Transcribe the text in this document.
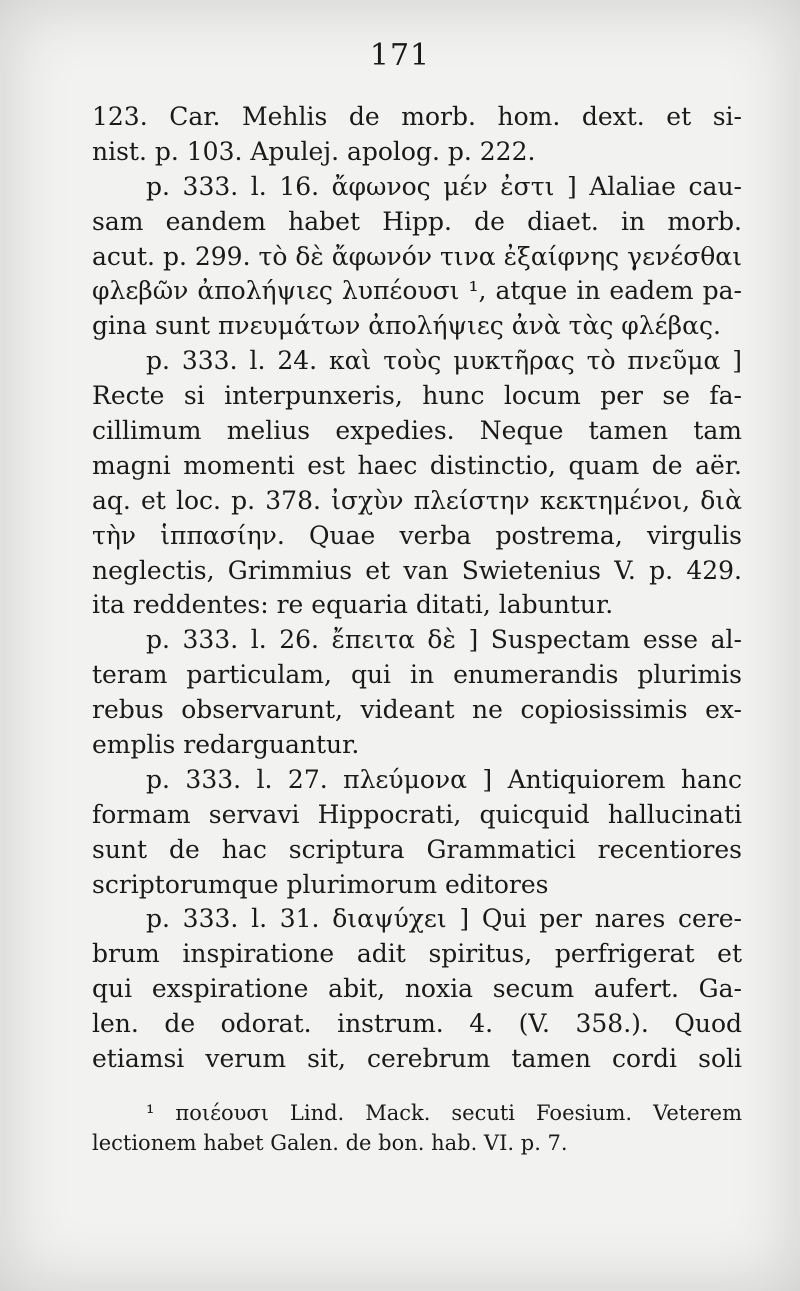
171
123. Car. Mehlis de morb. hom. dext. et si-
nist. p. 103. Apulej. apolog. p. 222.
p. 333. l. 16. ἄφωνος μέν ἐστι ] Alaliae cau-
sam eandem habet Hipp. de diaet. in morb.
acut. p. 299. τὸ δὲ ἄφωνόν τινα ἐξαίφνης γενέσθαι
φλεβῶν ἀπολήψιες λυπέουσι ¹, atque in eadem pa-
gina sunt πνευμάτων ἀπολήψιες ἀνὰ τὰς φλέβας.
p. 333. l. 24. καὶ τοὺς μυκτῆρας τὸ πνεῦμα ]
Recte si interpunxeris, hunc locum per se fa-
cillimum melius expedies. Neque tamen tam
magni momenti est haec distinctio, quam de aër.
aq. et loc. p. 378. ἰσχὺν πλείστην κεκτημένοι, διὰ
τὴν ἱππασίην. Quae verba postrema, virgulis
neglectis, Grimmius et van Swietenius V. p. 429.
ita reddentes: re equaria ditati, labuntur.
p. 333. l. 26. ἔπειτα δὲ ] Suspectam esse al-
teram particulam, qui in enumerandis plurimis
rebus observarunt, videant ne copiosissimis ex-
emplis redarguantur.
p. 333. l. 27. πλεύμονα ] Antiquiorem hanc
formam servavi Hippocrati, quicquid hallucinati
sunt de hac scriptura Grammatici recentiores
scriptorumque plurimorum editores
p. 333. l. 31. διαψύχει ] Qui per nares cere-
brum inspiratione adit spiritus, perfrigerat et
qui exspiratione abit, noxia secum aufert. Ga-
len. de odorat. instrum. 4. (V. 358.). Quod
etiamsi verum sit, cerebrum tamen cordi soli
¹ ποιέουσι Lind. Mack. secuti Foesium. Veterem
lectionem habet Galen. de bon. hab. VI. p. 7.
